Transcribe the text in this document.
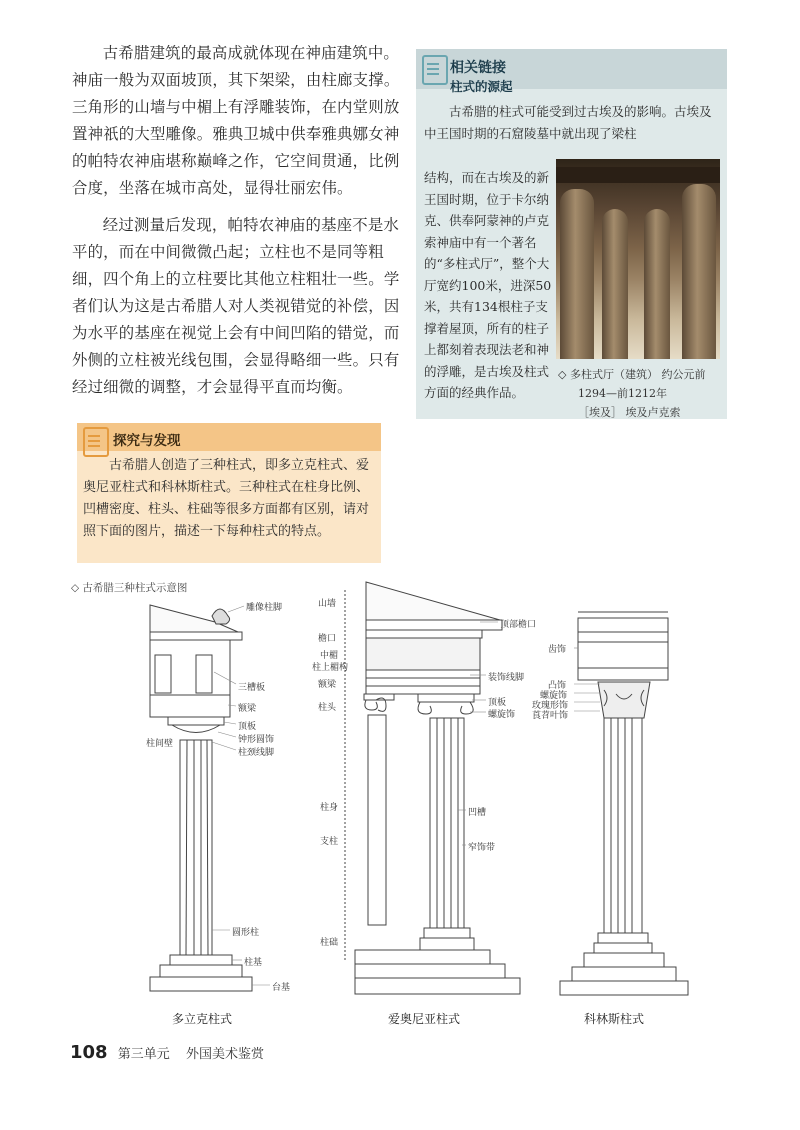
古希腊建筑的最高成就体现在神庙建筑中。神庙一般为双面坡顶，其下架梁，由柱廊支撑。三角形的山墙与中楣上有浮雕装饰，在内堂则放置神祇的大型雕像。雅典卫城中供奉雅典娜女神的帕特农神庙堪称巅峰之作，它空间贯通，比例合度，坐落在城市高处，显得壮丽宏伟。

经过测量后发现，帕特农神庙的基座不是水平的，而在中间微微凸起；立柱也不是同等粗细，四个角上的立柱要比其他立柱粗壮一些。学者们认为这是古希腊人对人类视错觉的补偿，因为水平的基座在视觉上会有中间凹陷的错觉，而外侧的立柱被光线包围，会显得略细一些。只有经过细微的调整，才会显得平直而均衡。

相关链接
柱式的源起
古希腊的柱式可能受到过古埃及的影响。古埃及中王国时期的石窟陵墓中就出现了梁柱
结构，而在古埃及的新王国时期，位于卡尔纳克、供奉阿蒙神的卢克索神庙中有一个著名的“多柱式厅”，整个大厅宽约100米，进深50米，共有134根柱子支撑着屋顶，所有的柱子上都刻着表现法老和神的浮雕，是古埃及柱式方面的经典作品。
◇ 多柱式厅（建筑） 约公元前
1294—前1212年
［埃及］ 埃及卢克索
探究与发现
古希腊人创造了三种柱式，即多立克柱式、爱奥尼亚柱式和科林斯柱式。三种柱式在柱身比例、凹槽密度、柱头、柱础等很多方面都有区别，请对照下面的图片，描述一下每种柱式的特点。
◇ 古希腊三种柱式示意图
雕像柱脚
三槽板
额梁
顶板
钟形圆饰
柱颈线脚
柱间壁
圆形柱
柱基
台基
山墙
檐口
中楣
柱上楣构
额梁
柱头
柱身
支柱
柱础
顶部檐口
装饰线脚
顶板
螺旋饰
凹槽
窄饰带
齿饰
凸饰
螺旋饰
玫瑰形饰
莨苕叶饰
多立克柱式	爱奥尼亚柱式	科林斯柱式
108 第三单元 外国美术鉴赏
